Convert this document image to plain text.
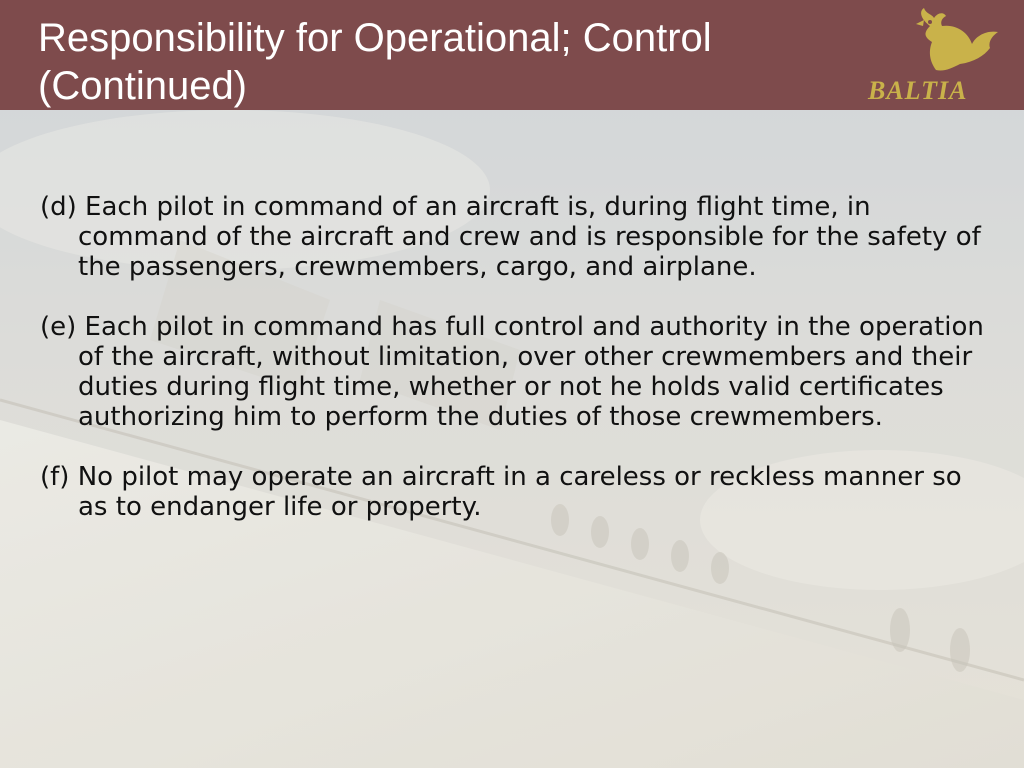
Responsibility for Operational; Control
(Continued)	BALTIA

(d) Each pilot in command of an aircraft is, during flight time, in command of the aircraft and crew and is responsible for the safety of the passengers, crewmembers, cargo, and airplane.

(e) Each pilot in command has full control and authority in the operation of the aircraft, without limitation, over other crewmembers and their duties during flight time, whether or not he holds valid certificates authorizing him to perform the duties of those crewmembers.

(f) No pilot may operate an aircraft in a careless or reckless manner so as to endanger life or property.
